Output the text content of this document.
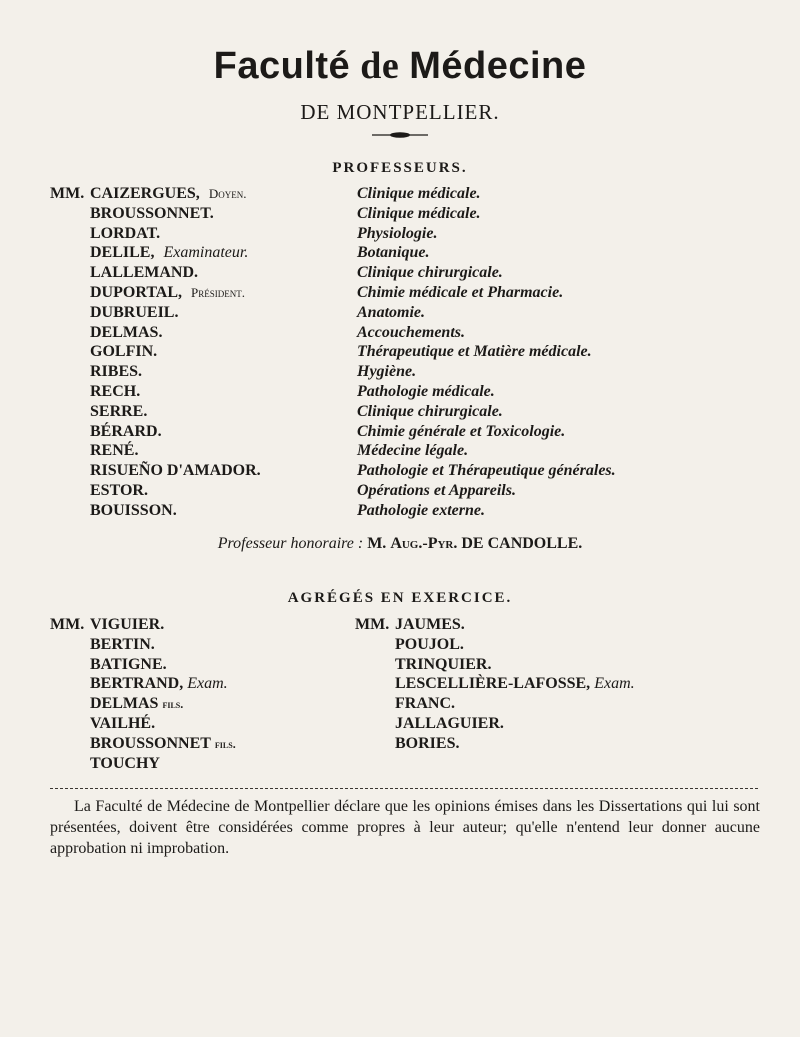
Faculté de Médecine
DE MONTPELLIER.
PROFESSEURS.
MM. CAIZERGUES, Doyen.	Clinique médicale.
BROUSSONNET.	Clinique médicale.
LORDAT.	Physiologie.
DELILE, Examinateur.	Botanique.
LALLEMAND.	Clinique chirurgicale.
DUPORTAL, Président.	Chimie médicale et Pharmacie.
DUBRUEIL.	Anatomie.
DELMAS.	Accouchements.
GOLFIN.	Thérapeutique et Matière médicale.
RIBES.	Hygiène.
RECH.	Pathologie médicale.
SERRE.	Clinique chirurgicale.
BÉRARD.	Chimie générale et Toxicologie.
RENÉ.	Médecine légale.
RISUEÑO D'AMADOR.	Pathologie et Thérapeutique générales.
ESTOR.	Opérations et Appareils.
BOUISSON.	Pathologie externe.
Professeur honoraire : M. Aug.-Pyr. DE CANDOLLE.
AGRÉGÉS EN EXERCICE.
MM. VIGUIER.
BERTIN.
BATIGNE.
BERTRAND, Exam.
DELMAS fils.
VAILHÉ.
BROUSSONNET fils.
TOUCHY
MM. JAUMES.
POUJOL.
TRINQUIER.
LESCELLIÈRE-LAFOSSE, Exam.
FRANC.
JALLAGUIER.
BORIES.

La Faculté de Médecine de Montpellier déclare que les opinions émises dans les Dissertations qui lui sont présentées, doivent être considérées comme propres à leur auteur; qu'elle n'entend leur donner aucune approbation ni improbation.
